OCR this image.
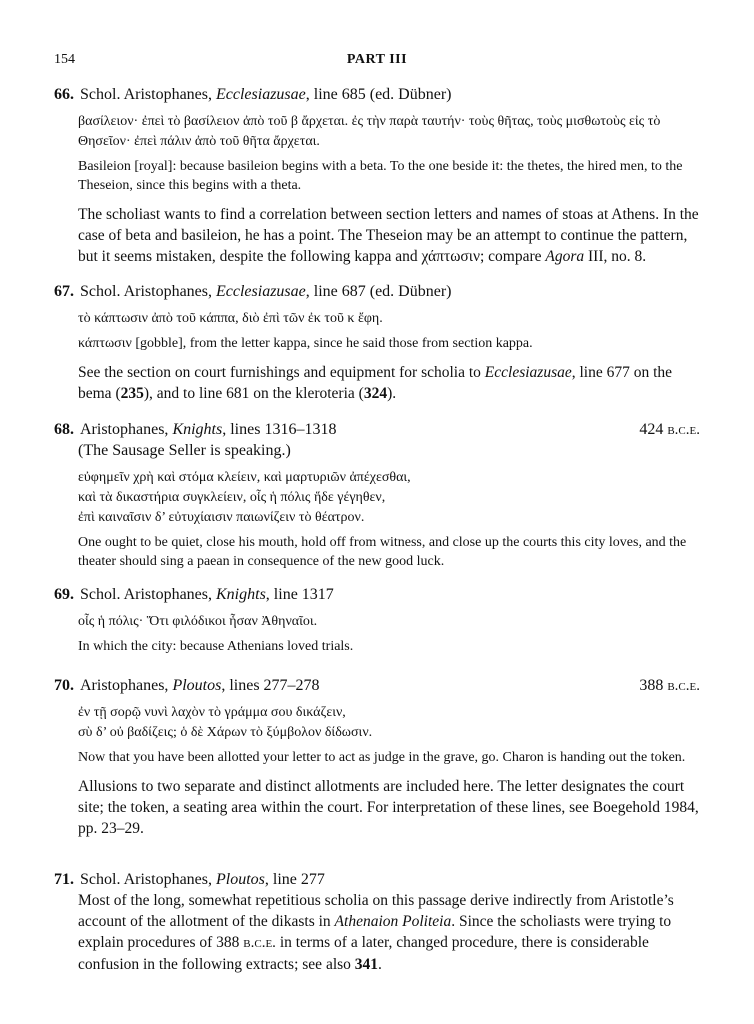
154	PART III
66. Schol. Aristophanes, Ecclesiazusae, line 685 (ed. Dübner)

βασίλειον· ἐπεὶ τὸ βασίλειον ἀπὸ τοῦ β ἄρχεται. ἐς τὴν παρὰ ταυτήν· τοὺς θῆτας, τοὺς μισθωτοὺς εἰς τὸ Θησεῖον· ἐπεὶ πάλιν ἀπὸ τοῦ θῆτα ἄρχεται.

Basileion [royal]: because basileion begins with a beta. To the one beside it: the thetes, the hired men, to the Theseion, since this begins with a theta.

The scholiast wants to find a correlation between section letters and names of stoas at Athens. In the case of beta and basileion, he has a point. The Theseion may be an attempt to continue the pattern, but it seems mistaken, despite the following kappa and χάπτωσιν; compare Agora III, no. 8.

67. Schol. Aristophanes, Ecclesiazusae, line 687 (ed. Dübner)

τὸ κάπτωσιν ἀπὸ τοῦ κάππα, διὸ ἐπὶ τῶν ἐκ τοῦ κ ἔφη.

κάπτωσιν [gobble], from the letter kappa, since he said those from section kappa.

See the section on court furnishings and equipment for scholia to Ecclesiazusae, line 677 on the bema (235), and to line 681 on the kleroteria (324).

68. Aristophanes, Knights, lines 1316–1318	424 b.c.e.
(The Sausage Seller is speaking.)
εὐφημεῖν χρὴ καὶ στόμα κλείειν, καὶ μαρτυριῶν ἀπέχεσθαι,
καὶ τὰ δικαστήρια συγκλείειν, οἷς ἡ πόλις ἥδε γέγηθεν,
ἐπὶ καιναῖσιν δ’ εὐτυχίαισιν παιωνίζειν τὸ θέατρον.

One ought to be quiet, close his mouth, hold off from witness, and close up the courts this city loves, and the theater should sing a paean in consequence of the new good luck.

69. Schol. Aristophanes, Knights, line 1317

οἷς ἡ πόλις· Ὅτι φιλόδικοι ἦσαν Ἀθηναῖοι.

In which the city: because Athenians loved trials.

70. Aristophanes, Ploutos, lines 277–278	388 b.c.e.
ἐν τῇ σορῷ νυνὶ λαχὸν τὸ γράμμα σου δικάζειν,
σὺ δ’ οὐ βαδίζεις; ὁ δὲ Χάρων τὸ ξύμβολον δίδωσιν.

Now that you have been allotted your letter to act as judge in the grave, go. Charon is handing out the token.

Allusions to two separate and distinct allotments are included here. The letter designates the court site; the token, a seating area within the court. For interpretation of these lines, see Boegehold 1984, pp. 23–29.

71. Schol. Aristophanes, Ploutos, line 277

Most of the long, somewhat repetitious scholia on this passage derive indirectly from Aristotle’s account of the allotment of the dikasts in Athenaion Politeia. Since the scholiasts were trying to explain procedures of 388 b.c.e. in terms of a later, changed procedure, there is considerable confusion in the following extracts; see also 341.
